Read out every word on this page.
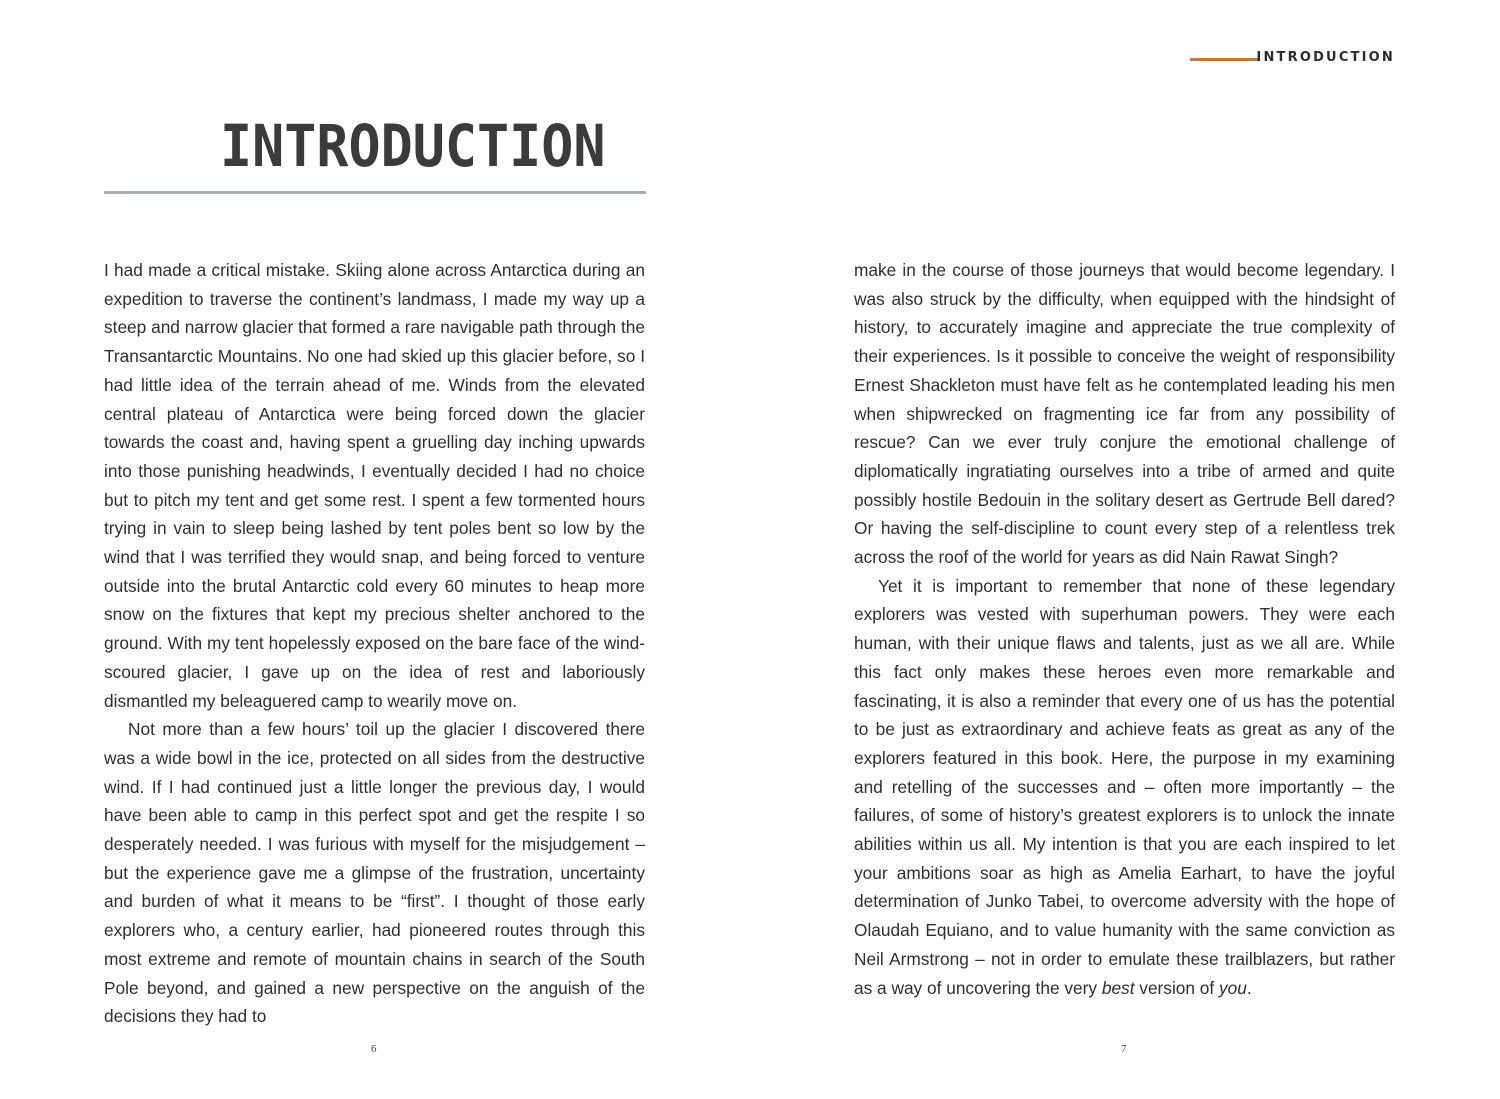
INTRODUCTION
INTRODUCTION

I had made a critical mistake. Skiing alone across Antarctica during an expedition to traverse the continent’s landmass, I made my way up a steep and narrow glacier that formed a rare navigable path through the Transantarctic Mountains. No one had skied up this glacier before, so I had little idea of the terrain ahead of me. Winds from the elevated central plateau of Antarctica were being forced down the glacier towards the coast and, having spent a gruelling day inching upwards into those punishing headwinds, I eventually decided I had no choice but to pitch my tent and get some rest. I spent a few tormented hours trying in vain to sleep being lashed by tent poles bent so low by the wind that I was terrified they would snap, and being forced to venture outside into the brutal Antarctic cold every 60 minutes to heap more snow on the fixtures that kept my precious shelter anchored to the ground. With my tent hopelessly exposed on the bare face of the wind-scoured glacier, I gave up on the idea of rest and laboriously dismantled my beleaguered camp to wearily move on.

Not more than a few hours’ toil up the glacier I discovered there was a wide bowl in the ice, protected on all sides from the destructive wind. If I had continued just a little longer the previous day, I would have been able to camp in this perfect spot and get the respite I so desperately needed. I was furious with myself for the misjudgement – but the experience gave me a glimpse of the frustration, uncertainty and burden of what it means to be “first”. I thought of those early explorers who, a century earlier, had pioneered routes through this most extreme and remote of mountain chains in search of the South Pole beyond, and gained a new perspective on the anguish of the decisions they had to

make in the course of those journeys that would become legendary. I was also struck by the difficulty, when equipped with the hindsight of history, to accurately imagine and appreciate the true complexity of their experiences. Is it possible to conceive the weight of responsibility Ernest Shackleton must have felt as he contemplated leading his men when shipwrecked on fragmenting ice far from any possibility of rescue? Can we ever truly conjure the emotional challenge of diplomatically ingratiating ourselves into a tribe of armed and quite possibly hostile Bedouin in the solitary desert as Gertrude Bell dared? Or having the self-discipline to count every step of a relentless trek across the roof of the world for years as did Nain Rawat Singh?

Yet it is important to remember that none of these legendary explorers was vested with superhuman powers. They were each human, with their unique flaws and talents, just as we all are. While this fact only makes these heroes even more remarkable and fascinating, it is also a reminder that every one of us has the potential to be just as extraordinary and achieve feats as great as any of the explorers featured in this book. Here, the purpose in my examining and retelling of the successes and – often more importantly – the failures, of some of history’s greatest explorers is to unlock the innate abilities within us all. My intention is that you are each inspired to let your ambitions soar as high as Amelia Earhart, to have the joyful determination of Junko Tabei, to overcome adversity with the hope of Olaudah Equiano, and to value humanity with the same conviction as Neil Armstrong – not in order to emulate these trailblazers, but rather as a way of uncovering the very best version of you.

6	7
